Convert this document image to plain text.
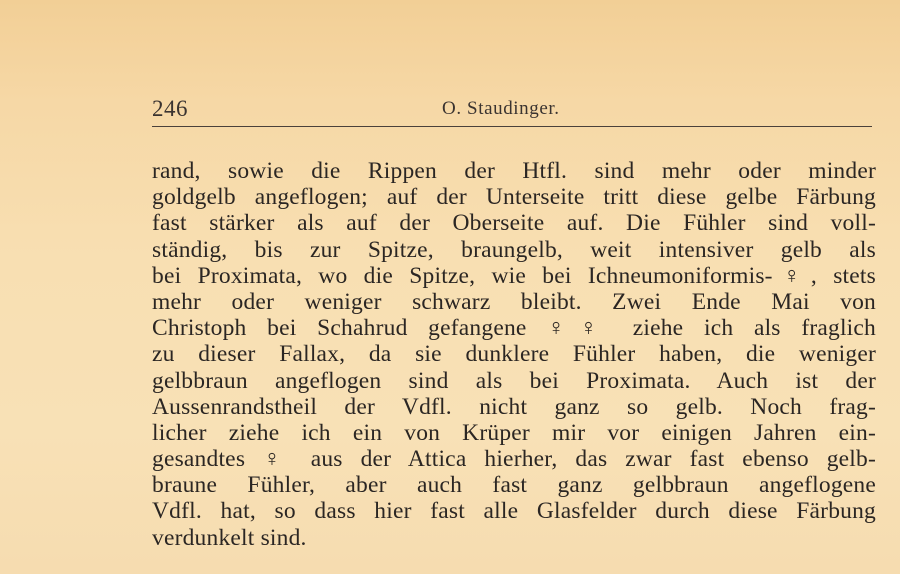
246	O. Staudinger.
rand, sowie die Rippen der Htfl. sind mehr oder minder
goldgelb angeflogen; auf der Unterseite tritt diese gelbe Färbung
fast stärker als auf der Oberseite auf. Die Fühler sind voll-
ständig, bis zur Spitze, braungelb, weit intensiver gelb als
bei Proximata, wo die Spitze, wie bei Ichneumoniformis-♀, stets
mehr oder weniger schwarz bleibt. Zwei Ende Mai von
Christoph bei Schahrud gefangene ♀♀ ziehe ich als fraglich
zu dieser Fallax, da sie dunklere Fühler haben, die weniger
gelbbraun angeflogen sind als bei Proximata. Auch ist der
Aussenrandstheil der Vdfl. nicht ganz so gelb. Noch frag-
licher ziehe ich ein von Krüper mir vor einigen Jahren ein-
gesandtes ♀ aus der Attica hierher, das zwar fast ebenso gelb-
braune Fühler, aber auch fast ganz gelbbraun angeflogene
Vdfl. hat, so dass hier fast alle Glasfelder durch diese Färbung
verdunkelt sind.
